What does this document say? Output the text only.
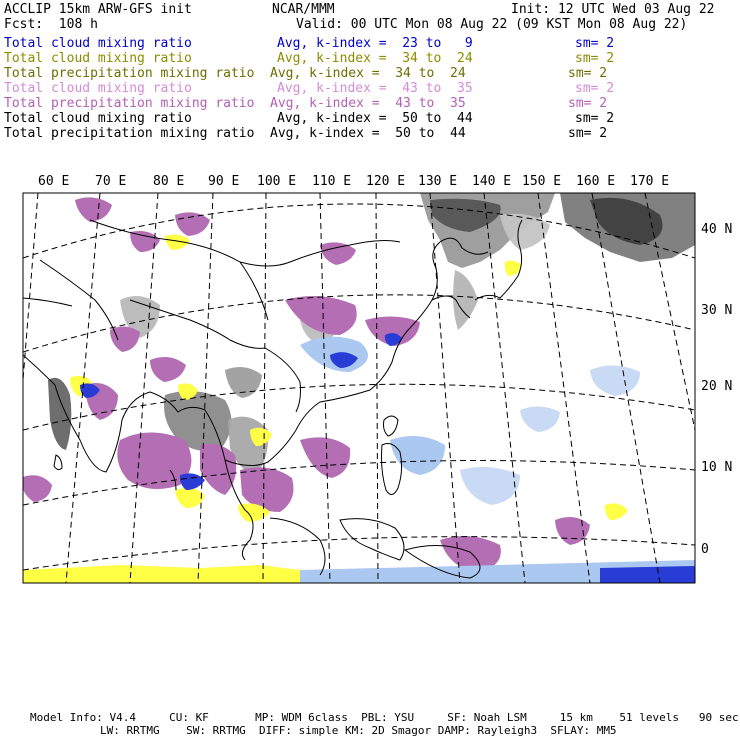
ACCLIP 15km ARW-GFS init	NCAR/MMM	Init: 12 UTC Wed 03 Aug 22
Fcst:  108 h	Valid: 00 UTC Mon 08 Aug 22 (09 KST Mon 08 Aug 22)
Total cloud mixing ratio	Avg, k-index =  23 to   9	sm= 2
Total cloud mixing ratio	Avg, k-index =  34 to  24	sm= 2
Total precipitation mixing ratio Avg, k-index =  34 to  24	sm= 2
Total cloud mixing ratio	Avg, k-index =  43 to  35	sm= 2
Total precipitation mixing ratio Avg, k-index =  43 to  35	sm= 2
Total cloud mixing ratio	Avg, k-index =  50 to  44	sm= 2
Total precipitation mixing ratio Avg, k-index =  50 to  44	sm= 2
60 E 70 E 80 E 90 E 100 E 110 E 120 E 130 E 140 E 150 E 160 E 170 E
40 N
30 N
20 N
10 N
0
Model Info: V4.4     CU: KF       MP: WDM 6class  PBL: YSU     SF: Noah LSM     15 km    51 levels   90 sec
LW: RRTMG    SW: RRTMG  DIFF: simple KM: 2D Smagor DAMP: Rayleigh3  SFLAY: MM5
